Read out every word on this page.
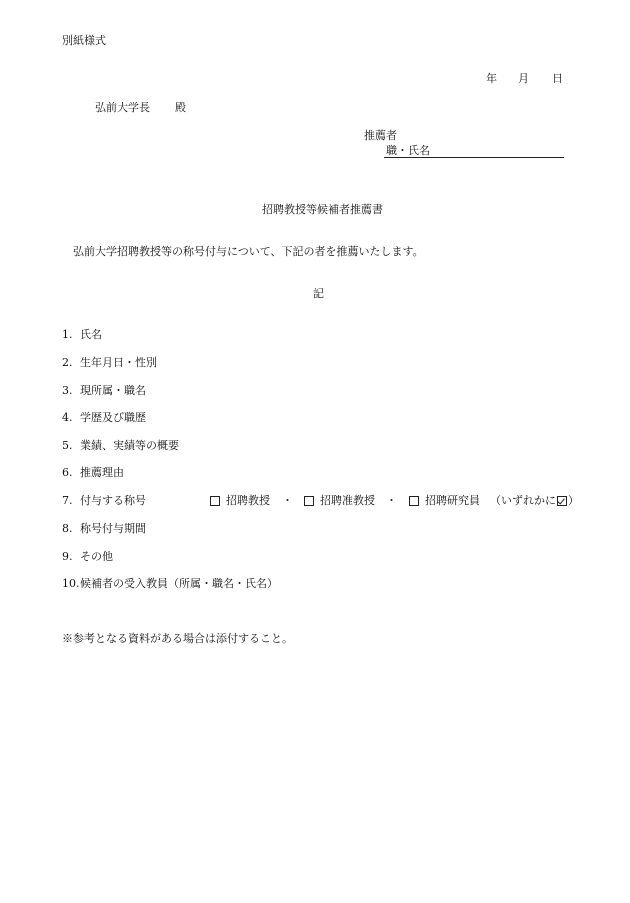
別紙様式
年 月 日
弘前大学長 殿
推薦者
職・氏名
招聘教授等候補者推薦書
弘前大学招聘教授等の称号付与について、下記の者を推薦いたします。
記
1. 氏名
2. 生年月日・性別
3. 現所属・職名
4. 学歴及び職歴
5. 業績、実績等の概要
6. 推薦理由
7. 付与する称号	招聘教授 ・ 招聘准教授 ・	招聘研究員 （いずれかに ）
8. 称号付与期間
9. その他
10.候補者の受入教員（所属・職名・氏名）
※参考となる資料がある場合は添付すること。
